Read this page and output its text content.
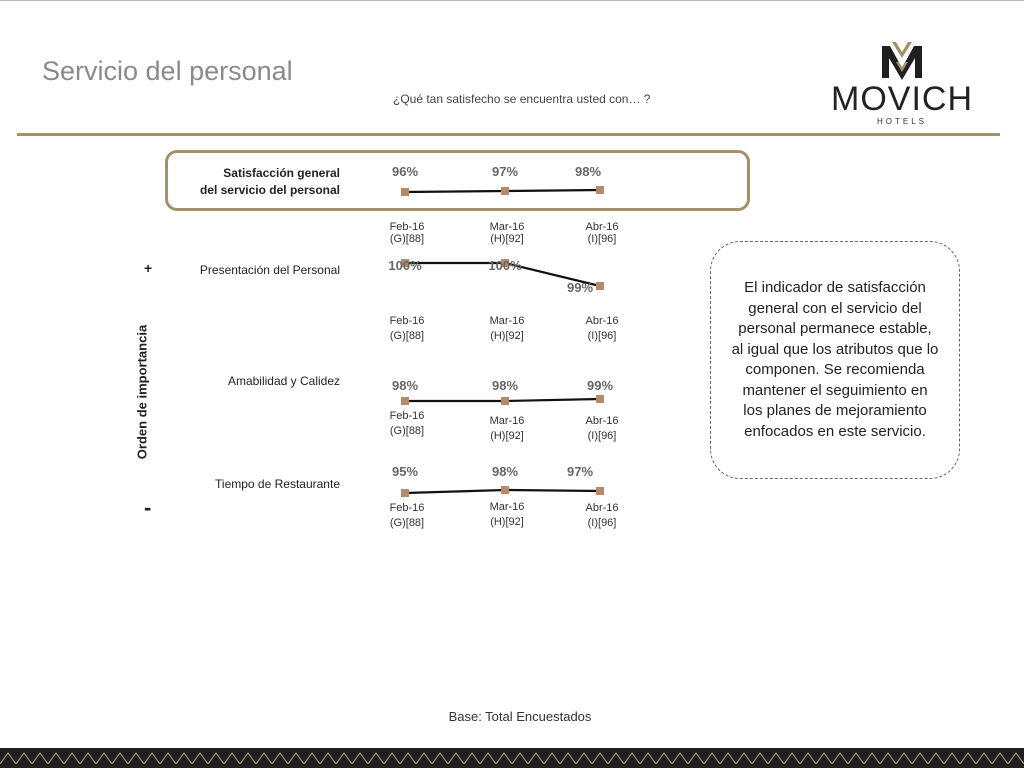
Servicio del personal
¿Qué tan satisfecho se encuentra usted con… ?	MOVICH
HOTELS
Satisfacción general
del servicio del personal
Presentación del Personal
Amabilidad y Calidez
Tiempo de Restaurante
Orden de importancia
+
-
96%
Feb-16
(G)[88]
97%
Mar-16
(H)[92]
98%
Abr-16
(I)[96]
100%
Feb-16
(G)[88]
100%
Mar-16
(H)[92]
99%
Abr-16
(I)[96]
98%
Feb-16
(G)[88]
98%
Mar-16
(H)[92]
99%
Abr-16
(I)[96]
95%
Feb-16
(G)[88]
98%
Mar-16
(H)[92]
97%
Abr-16
(I)[96]
El indicador de satisfacción general con el servicio del personal permanece estable, al igual que los atributos que lo componen. Se recomienda mantener el seguimiento en los planes de mejoramiento enfocados en este servicio.
Base: Total Encuestados
